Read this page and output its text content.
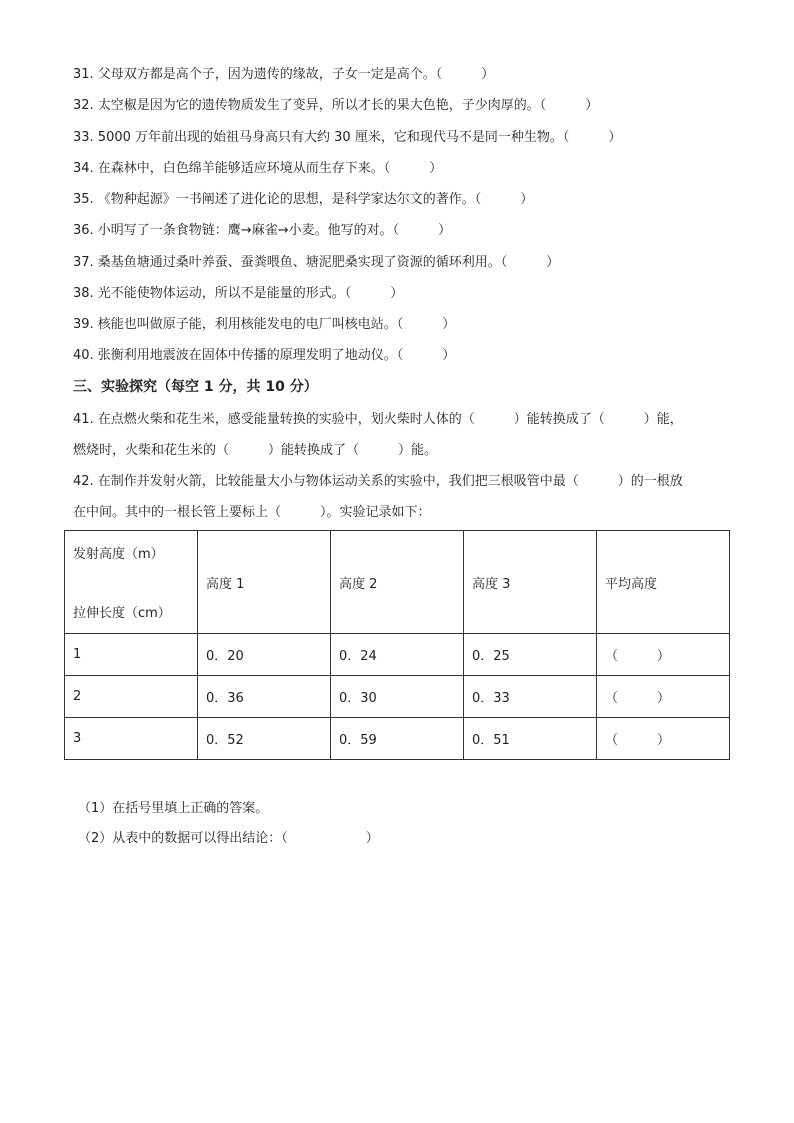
31. 父母双方都是高个子，因为遗传的缘故，子女一定是高个。（　　　）
32. 太空椒是因为它的遗传物质发生了变异，所以才长的果大色艳，子少肉厚的。（　　　）
33. 5000 万年前出现的始祖马身高只有大约 30 厘米，它和现代马不是同一种生物。（　　　）
34. 在森林中，白色绵羊能够适应环境从而生存下来。（　　　）
35. 《物种起源》一书阐述了进化论的思想，是科学家达尔文的著作。（　　　）
36. 小明写了一条食物链：鹰→麻雀→小麦。他写的对。（　　　）
37. 桑基鱼塘通过桑叶养蚕、蚕粪喂鱼、塘泥肥桑实现了资源的循环利用。（　　　）
38. 光不能使物体运动，所以不是能量的形式。（　　　）
39. 核能也叫做原子能，利用核能发电的电厂叫核电站。（　　　）
40. 张衡利用地震波在固体中传播的原理发明了地动仪。（　　　）
三、实验探究（每空 1 分，共 10 分）
41. 在点燃火柴和花生米，感受能量转换的实验中，划火柴时人体的（　　　）能转换成了（　　　）能，
燃烧时，火柴和花生米的（　　　）能转换成了（　　　）能。
42. 在制作并发射火箭，比较能量大小与物体运动关系的实验中，我们把三根吸管中最（　　　）的一根放
在中间。其中的一根长管上要标上（　　　）。实验记录如下：
发射高度（m）
拉伸长度（cm）	高度 1	高度 2	高度 3	平均高度
1	0．20	0．24	0．25	（　　　）
2	0．36	0．30	0．33	（　　　）
3	0．52	0．59	0．51	（　　　）
（1）在括号里填上正确的答案。
（2）从表中的数据可以得出结论：（　　　　　　）
